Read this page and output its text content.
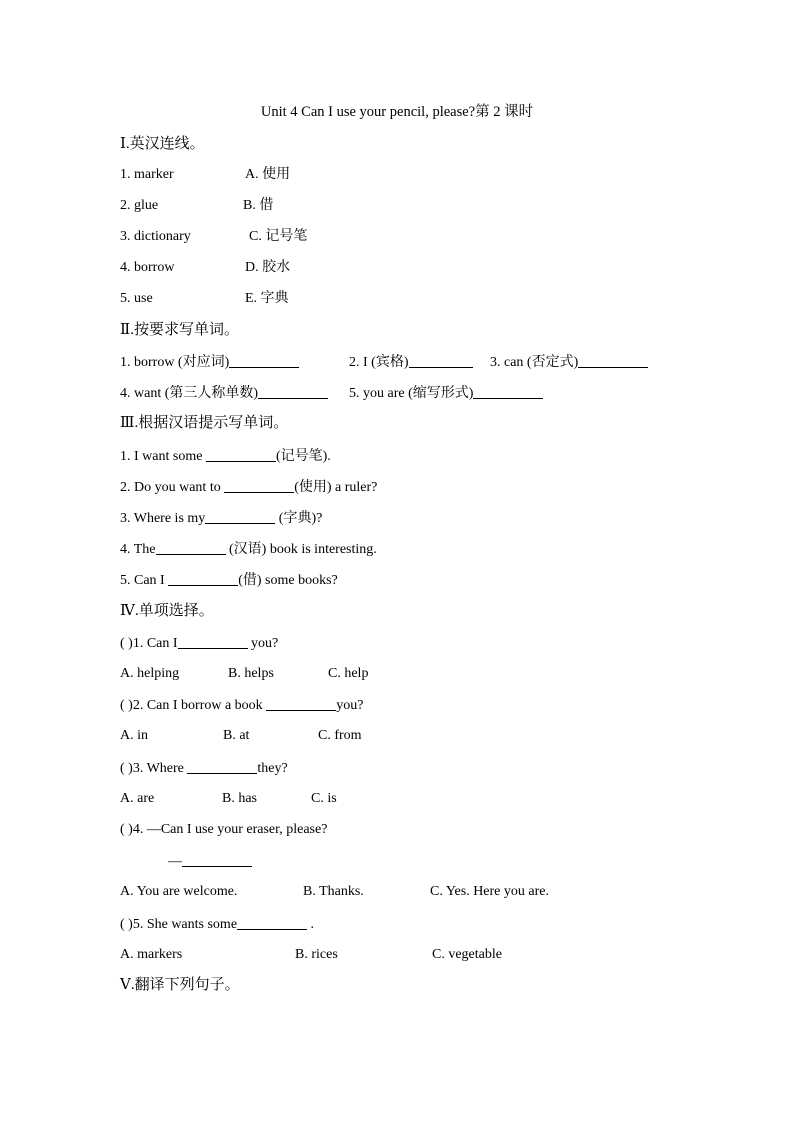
Unit 4 Can I use your pencil, please?第 2 课时
Ⅰ.英汉连线。
1. marker	A. 使用
2. glue	B. 借
3. dictionary	C. 记号笔
4. borrow	D. 胶水
5. use	E. 字典
Ⅱ.按要求写单词。
1. borrow (对应词)	2. I (宾格)	3. can (否定式)
4. want (第三人称单数)	5. you are (缩写形式)
Ⅲ.根据汉语提示写单词。
1. I want some	(记号笔).
2. Do you want to	(使用) a ruler?
3. Where is my	(字典)?
4. The	(汉语) book is interesting.
5. Can I	(借) some books?
Ⅳ.单项选择。
( )1. Can I	you?
A. helping	B. helps	C. help
( )2. Can I borrow a book	you?
A. in	B. at	C. from
( )3. Where	they?
A. are	B. has	C. is
( )4. —Can I use your eraser, please?
—
A. You are welcome.	B. Thanks.	C. Yes. Here you are.
( )5. She wants some	.
A. markers	B. rices	C. vegetable
Ⅴ.翻译下列句子。
